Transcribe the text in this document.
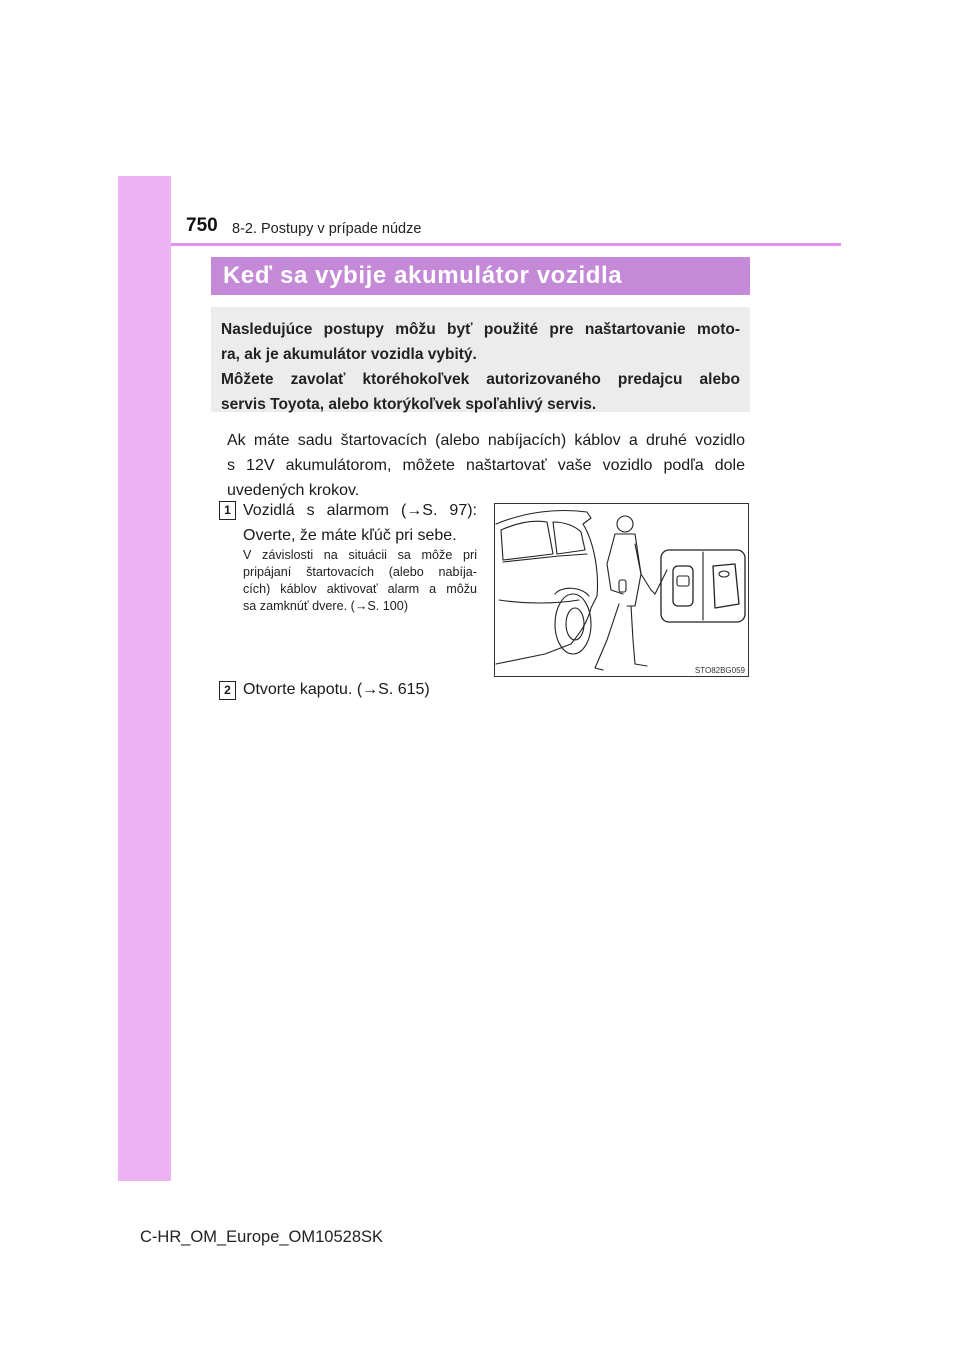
750 8-2. Postupy v prípade núdze
Keď sa vybije akumulátor vozidla
Nasledujúce postupy môžu byť použité pre naštartovanie moto-
ra, ak je akumulátor vozidla vybitý.
Môžete zavolať ktoréhokoľvek autorizovaného predajcu alebo
servis Toyota, alebo ktorýkoľvek spoľahlivý servis.
Ak máte sadu štartovacích (alebo nabíjacích) káblov a druhé vozidlo
s 12V akumulátorom, môžete naštartovať vaše vozidlo podľa dole
uvedených krokov.
1 Vozidlá s alarmom (→S. 97):
Overte, že máte kľúč pri sebe.
V závislosti na situácii sa môže pri
pripájaní štartovacích (alebo nabíja-
cích) káblov aktivovať alarm a môžu
sa zamknúť dvere. (→S. 100)
STO82BG059
2 Otvorte kapotu. (→S. 615)
C-HR_OM_Europe_OM10528SK
